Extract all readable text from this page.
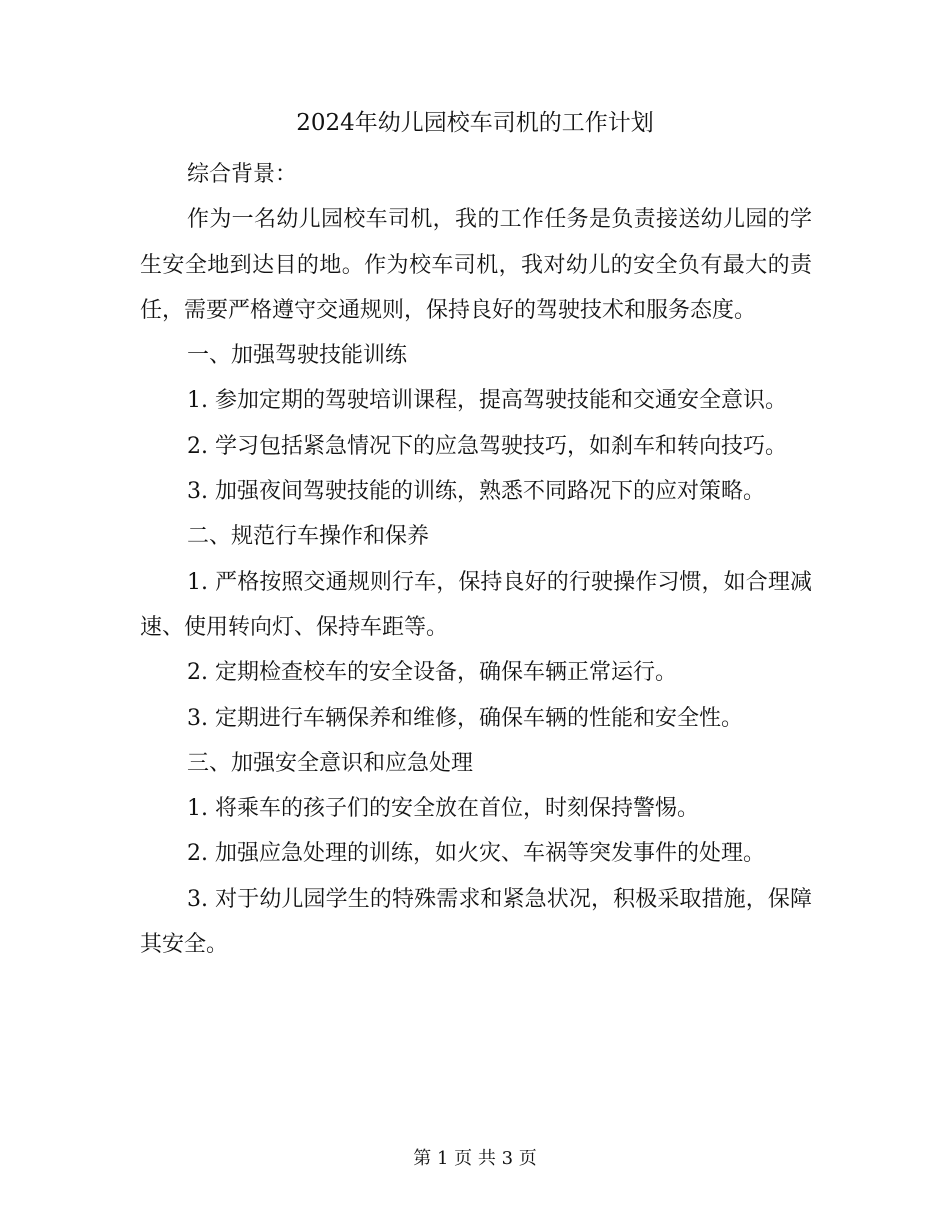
2024年幼儿园校车司机的工作计划

综合背景：

作为一名幼儿园校车司机，我的工作任务是负责接送幼儿园的学生安全地到达目的地。作为校车司机，我对幼儿的安全负有最大的责任，需要严格遵守交通规则，保持良好的驾驶技术和服务态度。

一、加强驾驶技能训练

1. 参加定期的驾驶培训课程，提高驾驶技能和交通安全意识。

2. 学习包括紧急情况下的应急驾驶技巧，如刹车和转向技巧。

3. 加强夜间驾驶技能的训练，熟悉不同路况下的应对策略。

二、规范行车操作和保养

1. 严格按照交通规则行车，保持良好的行驶操作习惯，如合理减速、使用转向灯、保持车距等。

2. 定期检查校车的安全设备，确保车辆正常运行。

3. 定期进行车辆保养和维修，确保车辆的性能和安全性。

三、加强安全意识和应急处理

1. 将乘车的孩子们的安全放在首位，时刻保持警惕。

2. 加强应急处理的训练，如火灾、车祸等突发事件的处理。

3. 对于幼儿园学生的特殊需求和紧急状况，积极采取措施，保障其安全。

第 1 页 共 3 页
